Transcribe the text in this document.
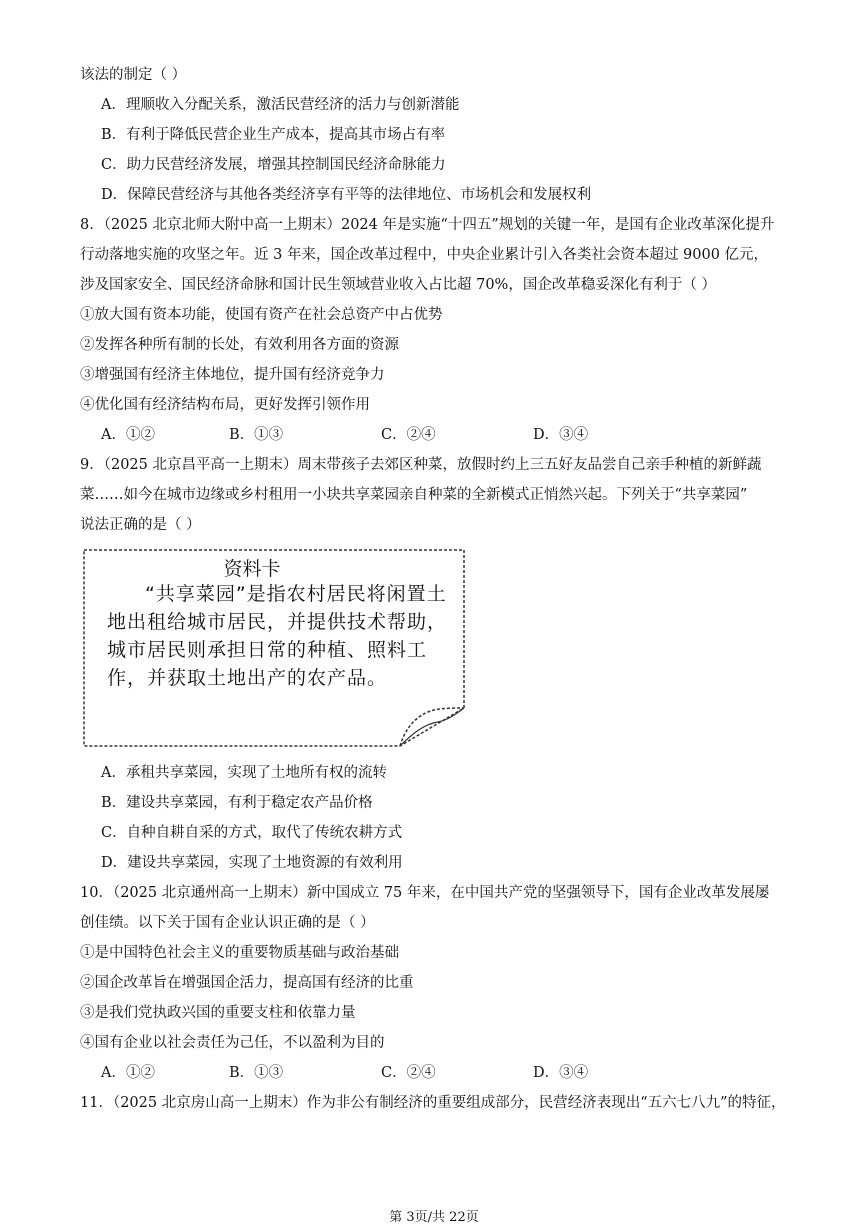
该法的制定（ ）
A．理顺收入分配关系，激活民营经济的活力与创新潜能
B．有利于降低民营企业生产成本，提高其市场占有率
C．助力民营经济发展，增强其控制国民经济命脉能力
D．保障民营经济与其他各类经济享有平等的法律地位、市场机会和发展权利
8．（2025 北京北师大附中高一上期末）2024 年是实施“十四五”规划的关键一年，是国有企业改革深化提升
行动落地实施的攻坚之年。近 3 年来，国企改革过程中，中央企业累计引入各类社会资本超过 9000 亿元，
涉及国家安全、国民经济命脉和国计民生领域营业收入占比超 70%，国企改革稳妥深化有利于（ ）
①放大国有资本功能，使国有资产在社会总资产中占优势
②发挥各种所有制的长处，有效利用各方面的资源
③增强国有经济主体地位，提升国有经济竞争力
④优化国有经济结构布局，更好发挥引领作用
A．①②	B．①③	C．②④	D．③④
9．（2025 北京昌平高一上期末）周末带孩子去郊区种菜，放假时约上三五好友品尝自己亲手种植的新鲜蔬
菜……如今在城市边缘或乡村租用一小块共享菜园亲自种菜的全新模式正悄然兴起。下列关于“共享菜园”
说法正确的是（ ）
资料卡
“共享菜园”是指农村居民将闲置土地出租给城市居民，并提供技术帮助，城市居民则承担日常的种植、照料工作，并获取土地出产的农产品。
A．承租共享菜园，实现了土地所有权的流转
B．建设共享菜园，有利于稳定农产品价格
C．自种自耕自采的方式，取代了传统农耕方式
D．建设共享菜园，实现了土地资源的有效利用
10．（2025 北京通州高一上期末）新中国成立 75 年来，在中国共产党的坚强领导下，国有企业改革发展屡
创佳绩。以下关于国有企业认识正确的是（ ）
①是中国特色社会主义的重要物质基础与政治基础
②国企改革旨在增强国企活力，提高国有经济的比重
③是我们党执政兴国的重要支柱和依靠力量
④国有企业以社会责任为己任，不以盈利为目的
A．①②	B．①③	C．②④	D．③④
11．（2025 北京房山高一上期末）作为非公有制经济的重要组成部分，民营经济表现出“五六七八九”的特征，
第 3页/共 22页
